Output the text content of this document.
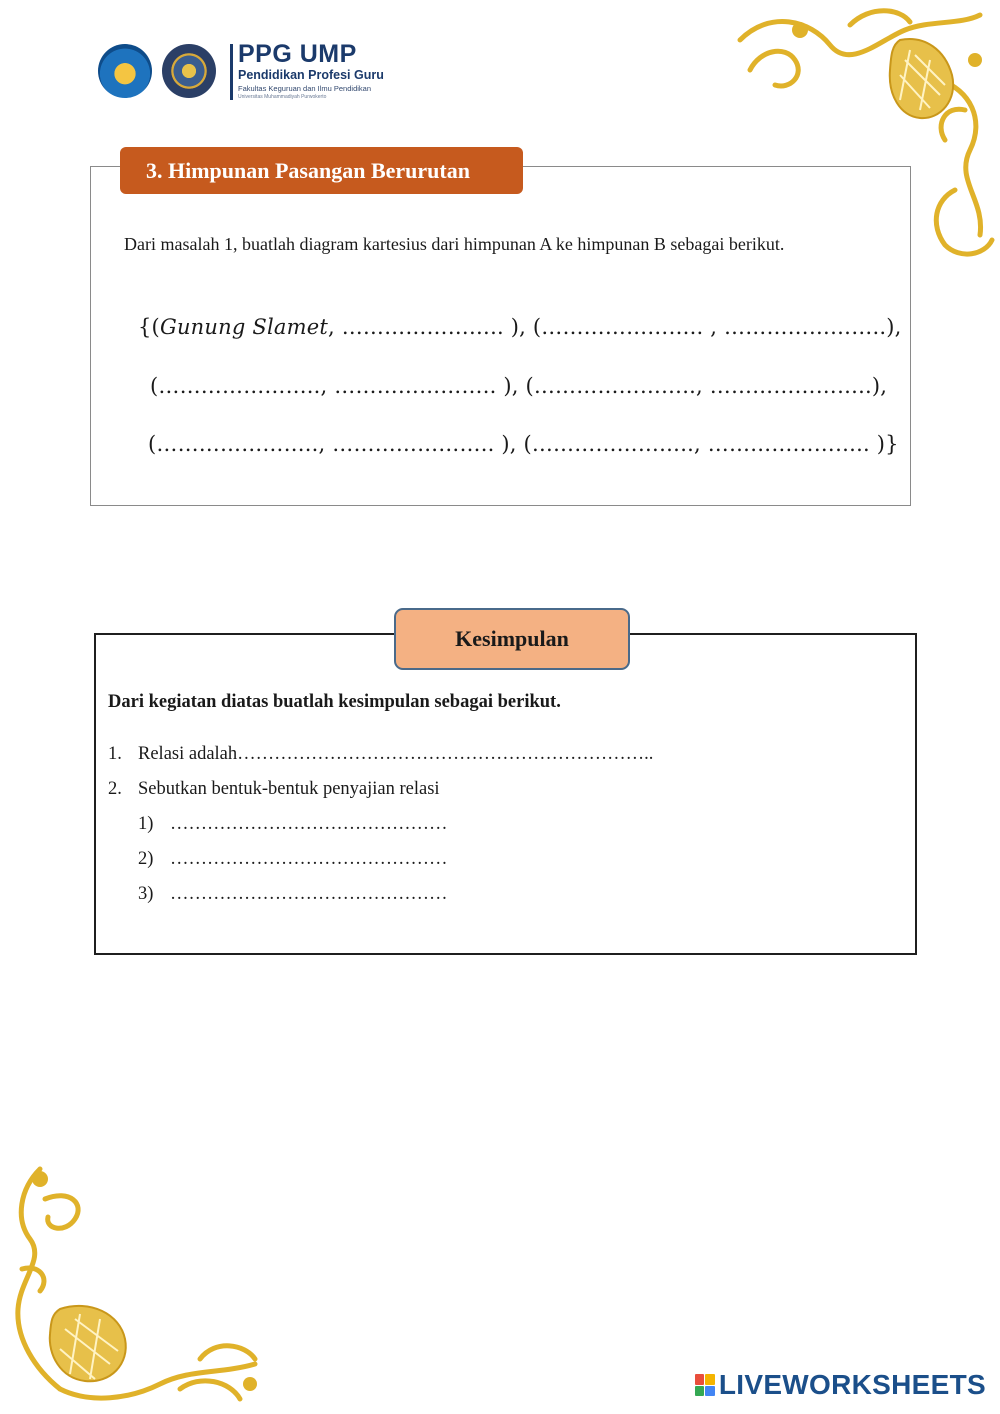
PPG UMP
Pendidikan Profesi Guru
Fakultas Keguruan dan Ilmu Pendidikan
Universitas Muhammadiyah Purwokerto
3. Himpunan Pasangan Berurutan
Dari masalah 1, buatlah diagram kartesius dari himpunan A ke himpunan B sebagai berikut.
{(Gunung Slamet, ………………….. ), (………………….. , …………………..),
(………………….., ………………….. ), (………………….., …………………..),
(………………….., ………………….. ), (………………….., ………………….. )}
Kesimpulan
Dari kegiatan diatas buatlah kesimpulan sebagai berikut.
1. Relasi adalah…………………………………………………………..
2. Sebutkan bentuk-bentuk penyajian relasi
1) ………………………………………
2) ………………………………………
3) ………………………………………
LIVEWORKSHEETS
